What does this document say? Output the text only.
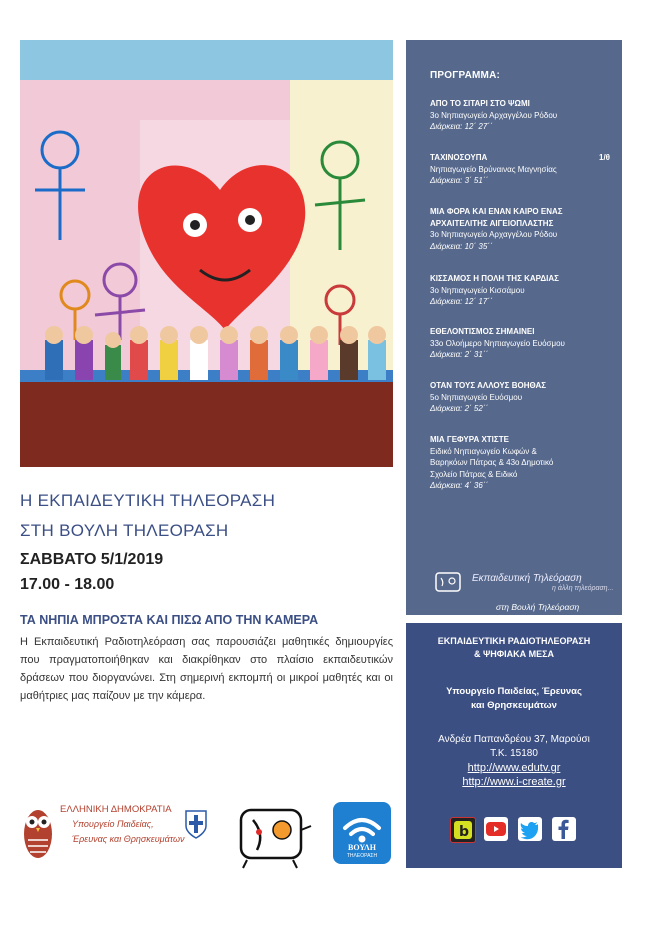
ΠΡΟΓΡΑΜΜΑ:
ΑΠΟ ΤΟ ΣΙΤΑΡΙ ΣΤΟ ΨΩΜΙ
3ο Νηπιαγωγείο Αρχαγγέλου Ρόδου
Διάρκεια: 12΄ 27΄΄
ΤΑΧΙΝΟΣΟΥΠΑ	1/θ
Νηπιαγωγείο Βρύναινας Μαγνησίας
Διάρκεια: 3΄ 51΄΄
ΜΙΑ ΦΟΡΑ ΚΑΙ ΕΝΑΝ ΚΑΙΡΟ ΕΝΑΣ
ΑΡΧΑΙΤΕΛΙΤΗΣ ΑΙΓΕΙΟΠΛΑΣΤΗΣ
3ο Νηπιαγωγείο Αρχαγγέλου Ρόδου
Διάρκεια: 10΄ 35΄΄
ΚΙΣΣΑΜΟΣ Η ΠΟΛΗ ΤΗΣ ΚΑΡΔΙΑΣ
3ο Νηπιαγωγείο Κισσάμου
Διάρκεια: 12΄ 17΄΄
ΕΘΕΛΟΝΤΙΣΜΟΣ ΣΗΜΑΙΝΕΙ
33ο Ολοήμερο Νηπιαγωγείο Ευόσμου
Διάρκεια: 2΄ 31΄΄
ΟΤΑΝ ΤΟΥΣ ΑΛΛΟΥΣ ΒΟΗΘΑΣ
5ο Νηπιαγωγείο Ευόσμου
Διάρκεια: 2΄ 52΄΄
ΜΙΑ ΓΕΦΥΡΑ ΧΤΙΣΤΕ
Ειδικό Νηπιαγωγείο Κωφών &
Βαρηκόων Πάτρας & 43ο Δημοτικό
Σχολείο Πάτρας & Ειδικό
Διάρκεια: 4΄ 36΄΄
Εκπαιδευτική Τηλεόραση
η άλλη τηλεόραση...
στη Βουλή Τηλεόραση
ΕΚΠΑΙΔΕΥΤΙΚΗ ΡΑΔΙΟΤΗΛΕΟΡΑΣΗ
& ΨΗΦΙΑΚΑ ΜΕΣΑ
Υπουργείο Παιδείας, Έρευνας
και Θρησκευμάτων
Ανδρέα Παπανδρέου 37, Μαρούσι
Τ.Κ. 15180
http://www.edutv.gr
http://www.i-create.gr
b
Η ΕΚΠΑΙΔΕΥΤΙΚΗ ΤΗΛΕΟΡΑΣΗ
ΣΤΗ ΒΟΥΛΗ ΤΗΛΕΟΡΑΣΗ
ΣΑΒΒΑΤΟ 5/1/2019
17.00 - 18.00
ΤΑ ΝΗΠΙΑ ΜΠΡΟΣΤΑ ΚΑΙ ΠΙΣΩ ΑΠΟ ΤΗΝ ΚΑΜΕΡΑ
Η Εκπαιδευτική Ραδιοτηλεόραση σας παρουσιάζει μαθητικές δημιουργίες που πραγματοποιήθηκαν και διακρίθηκαν στο πλαίσιο εκπαιδευτικών δράσεων που διοργανώνει. Στη σημερινή εκπομπή οι μικροί μαθητές και οι μαθήτριες μας παίζουν με την κάμερα.
ΕΛΛΗΝΙΚΗ ΔΗΜΟΚΡΑΤΙΑ
Υπουργείο Παιδείας,
Έρευνας και Θρησκευμάτων
ΒΟΥΛΗ
ΤΗΛΕΟΡΑΣΗ
